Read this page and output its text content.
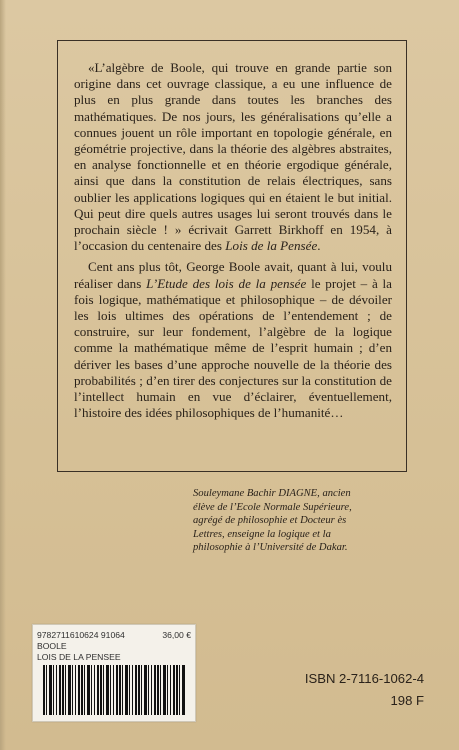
«L’algèbre de Boole, qui trouve en grande partie son origine dans cet ouvrage classique, a eu une influence de plus en plus grande dans toutes les branches des mathématiques. De nos jours, les généralisations qu’elle a connues jouent un rôle important en topologie générale, en géométrie projective, dans la théorie des algèbres abstraites, en analyse fonctionnelle et en théorie ergodique générale, ainsi que dans la constitution de relais électriques, sans oublier les applications logiques qui en étaient le but initial. Qui peut dire quels autres usages lui seront trouvés dans le prochain siècle ! » écrivait Garrett Birkhoff en 1954, à l’occasion du centenaire des Lois de la Pensée.

Cent ans plus tôt, George Boole avait, quant à lui, voulu réaliser dans L’Etude des lois de la pensée le projet – à la fois logique, mathématique et philosophique – de dévoiler les lois ultimes des opérations de l’entendement ; de construire, sur leur fondement, l’algèbre de la logique comme la mathématique même de l’esprit humain ; d’en dériver les bases d’une approche nouvelle de la théorie des probabilités ; d’en tirer des conjectures sur la constitution de l’intellect humain en vue d’éclairer, éventuellement, l’histoire des idées philosophiques de l’humanité…

Souleymane Bachir DIAGNE, ancien
élève de l’Ecole Normale Supérieure,
agrégé de philosophie et Docteur ès
Lettres, enseigne la logique et la
philosophie à l’Université de Dakar.
9782711610624 91064	36,00 €
BOOLE
LOIS DE LA PENSEE
ISBN 2-7116-1062-4
198 F
